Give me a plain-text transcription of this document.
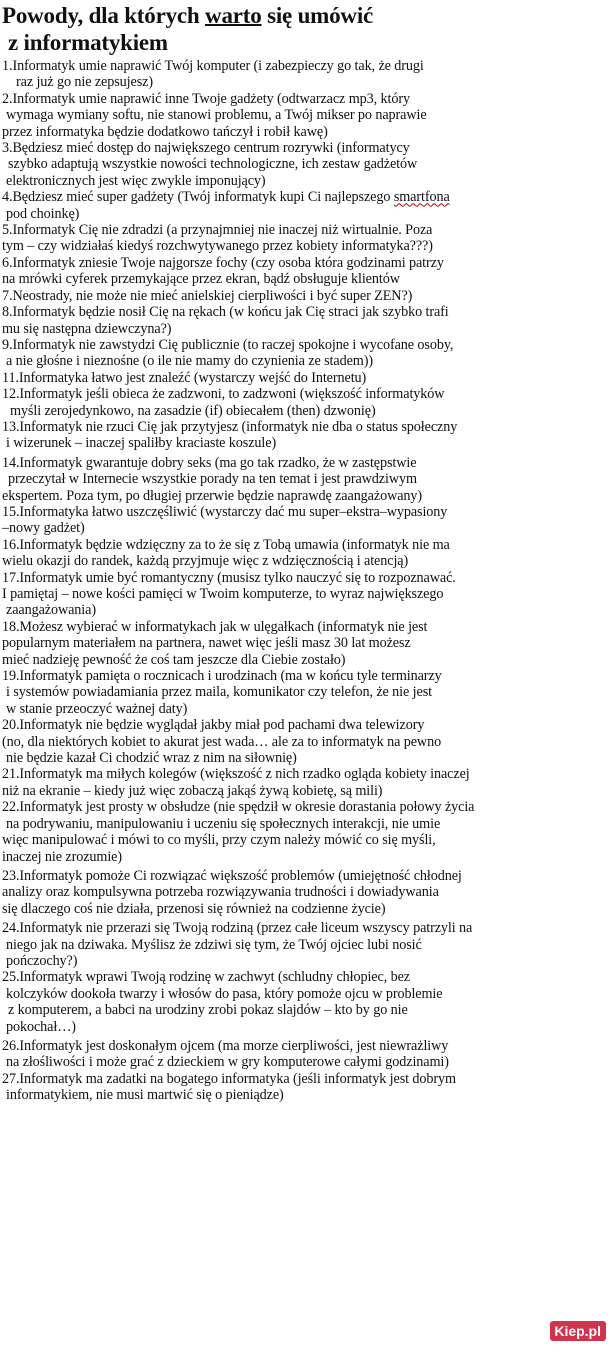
Powody, dla których warto się umówić
z informatykiem
1.Informatyk umie naprawić Twój komputer (i zabezpieczy go tak, że drugi
raz już go nie zepsujesz)
2.Informatyk umie naprawić inne Twoje gadżety (odtwarzacz mp3, który
wymaga wymiany softu, nie stanowi problemu, a Twój mikser po naprawie
przez informatyka będzie dodatkowo tańczył i robił kawę)
3.Będziesz mieć dostęp do największego centrum rozrywki (informatycy
szybko adaptują wszystkie nowości technologiczne, ich zestaw gadżetów
elektronicznych jest więc zwykle imponujący)
4.Będziesz mieć super gadżety (Twój informatyk kupi Ci najlepszego smartfona
pod choinkę)
5.Informatyk Cię nie zdradzi (a przynajmniej nie inaczej niż wirtualnie. Poza
tym – czy widziałaś kiedyś rozchwytywanego przez kobiety informatyka???)
6.Informatyk zniesie Twoje najgorsze fochy (czy osoba która godzinami patrzy
na mrówki cyferek przemykające przez ekran, bądź obsługuje klientów
7.Neostrady, nie może nie mieć anielskiej cierpliwości i być super ZEN?)
8.Informatyk będzie nosił Cię na rękach (w końcu jak Cię straci jak szybko trafi
mu się następna dziewczyna?)
9.Informatyk nie zawstydzi Cię publicznie (to raczej spokojne i wycofane osoby,
a nie głośne i nieznośne (o ile nie mamy do czynienia ze stadem))
11.Informatyka łatwo jest znaleźć (wystarczy wejść do Internetu)
12.Informatyk jeśli obieca że zadzwoni, to zadzwoni (większość informatyków
myśli zerojedynkowo, na zasadzie (if) obiecałem (then) dzwonię)
13.Informatyk nie rzuci Cię jak przytyjesz (informatyk nie dba o status społeczny
i wizerunek – inaczej spaliłby kraciaste koszule)
14.Informatyk gwarantuje dobry seks (ma go tak rzadko, że w zastępstwie
przeczytał w Internecie wszystkie porady na ten temat i jest prawdziwym
ekspertem. Poza tym, po długiej przerwie będzie naprawdę zaangażowany)
15.Informatyka łatwo uszczęśliwić (wystarczy dać mu super–ekstra–wypasiony
–nowy gadżet)
16.Informatyk będzie wdzięczny za to że się z Tobą umawia (informatyk nie ma
wielu okazji do randek, każdą przyjmuje więc z wdzięcznością i atencją)
17.Informatyk umie być romantyczny (musisz tylko nauczyć się to rozpoznawać.
I pamiętaj – nowe kości pamięci w Twoim komputerze, to wyraz największego
zaangażowania)
18.Możesz wybierać w informatykach jak w ulęgałkach (informatyk nie jest
popularnym materiałem na partnera, nawet więc jeśli masz 30 lat możesz
mieć nadzieję pewność że coś tam jeszcze dla Ciebie zostało)
19.Informatyk pamięta o rocznicach i urodzinach (ma w końcu tyle terminarzy
i systemów powiadamiania przez maila, komunikator czy telefon, że nie jest
w stanie przeoczyć ważnej daty)
20.Informatyk nie będzie wyglądał jakby miał pod pachami dwa telewizory
(no, dla niektórych kobiet to akurat jest wada… ale za to informatyk na pewno
nie będzie kazał Ci chodzić wraz z nim na siłownię)
21.Informatyk ma miłych kolegów (większość z nich rzadko ogląda kobiety inaczej
niż na ekranie – kiedy już więc zobaczą jakąś żywą kobietę, są mili)
22.Informatyk jest prosty w obsłudze (nie spędził w okresie dorastania połowy życia
na podrywaniu, manipulowaniu i uczeniu się społecznych interakcji, nie umie
więc manipulować i mówi to co myśli, przy czym należy mówić co się myśli,
inaczej nie zrozumie)
23.Informatyk pomoże Ci rozwiązać większość problemów (umiejętność chłodnej
analizy oraz kompulsywna potrzeba rozwiązywania trudności i dowiadywania
się dlaczego coś nie działa, przenosi się również na codzienne życie)
24.Informatyk nie przerazi się Twoją rodziną (przez całe liceum wszyscy patrzyli na
niego jak na dziwaka. Myślisz że zdziwi się tym, że Twój ojciec lubi nosić
pończochy?)
25.Informatyk wprawi Twoją rodzinę w zachwyt (schludny chłopiec, bez
kolczyków dookoła twarzy i włosów do pasa, który pomoże ojcu w problemie
z komputerem, a babci na urodziny zrobi pokaz slajdów – kto by go nie
pokochał…)
26.Informatyk jest doskonałym ojcem (ma morze cierpliwości, jest niewrażliwy
na złośliwości i może grać z dzieckiem w gry komputerowe całymi godzinami)
27.Informatyk ma zadatki na bogatego informatyka (jeśli informatyk jest dobrym
informatykiem, nie musi martwić się o pieniądze)
Kiep.pl
